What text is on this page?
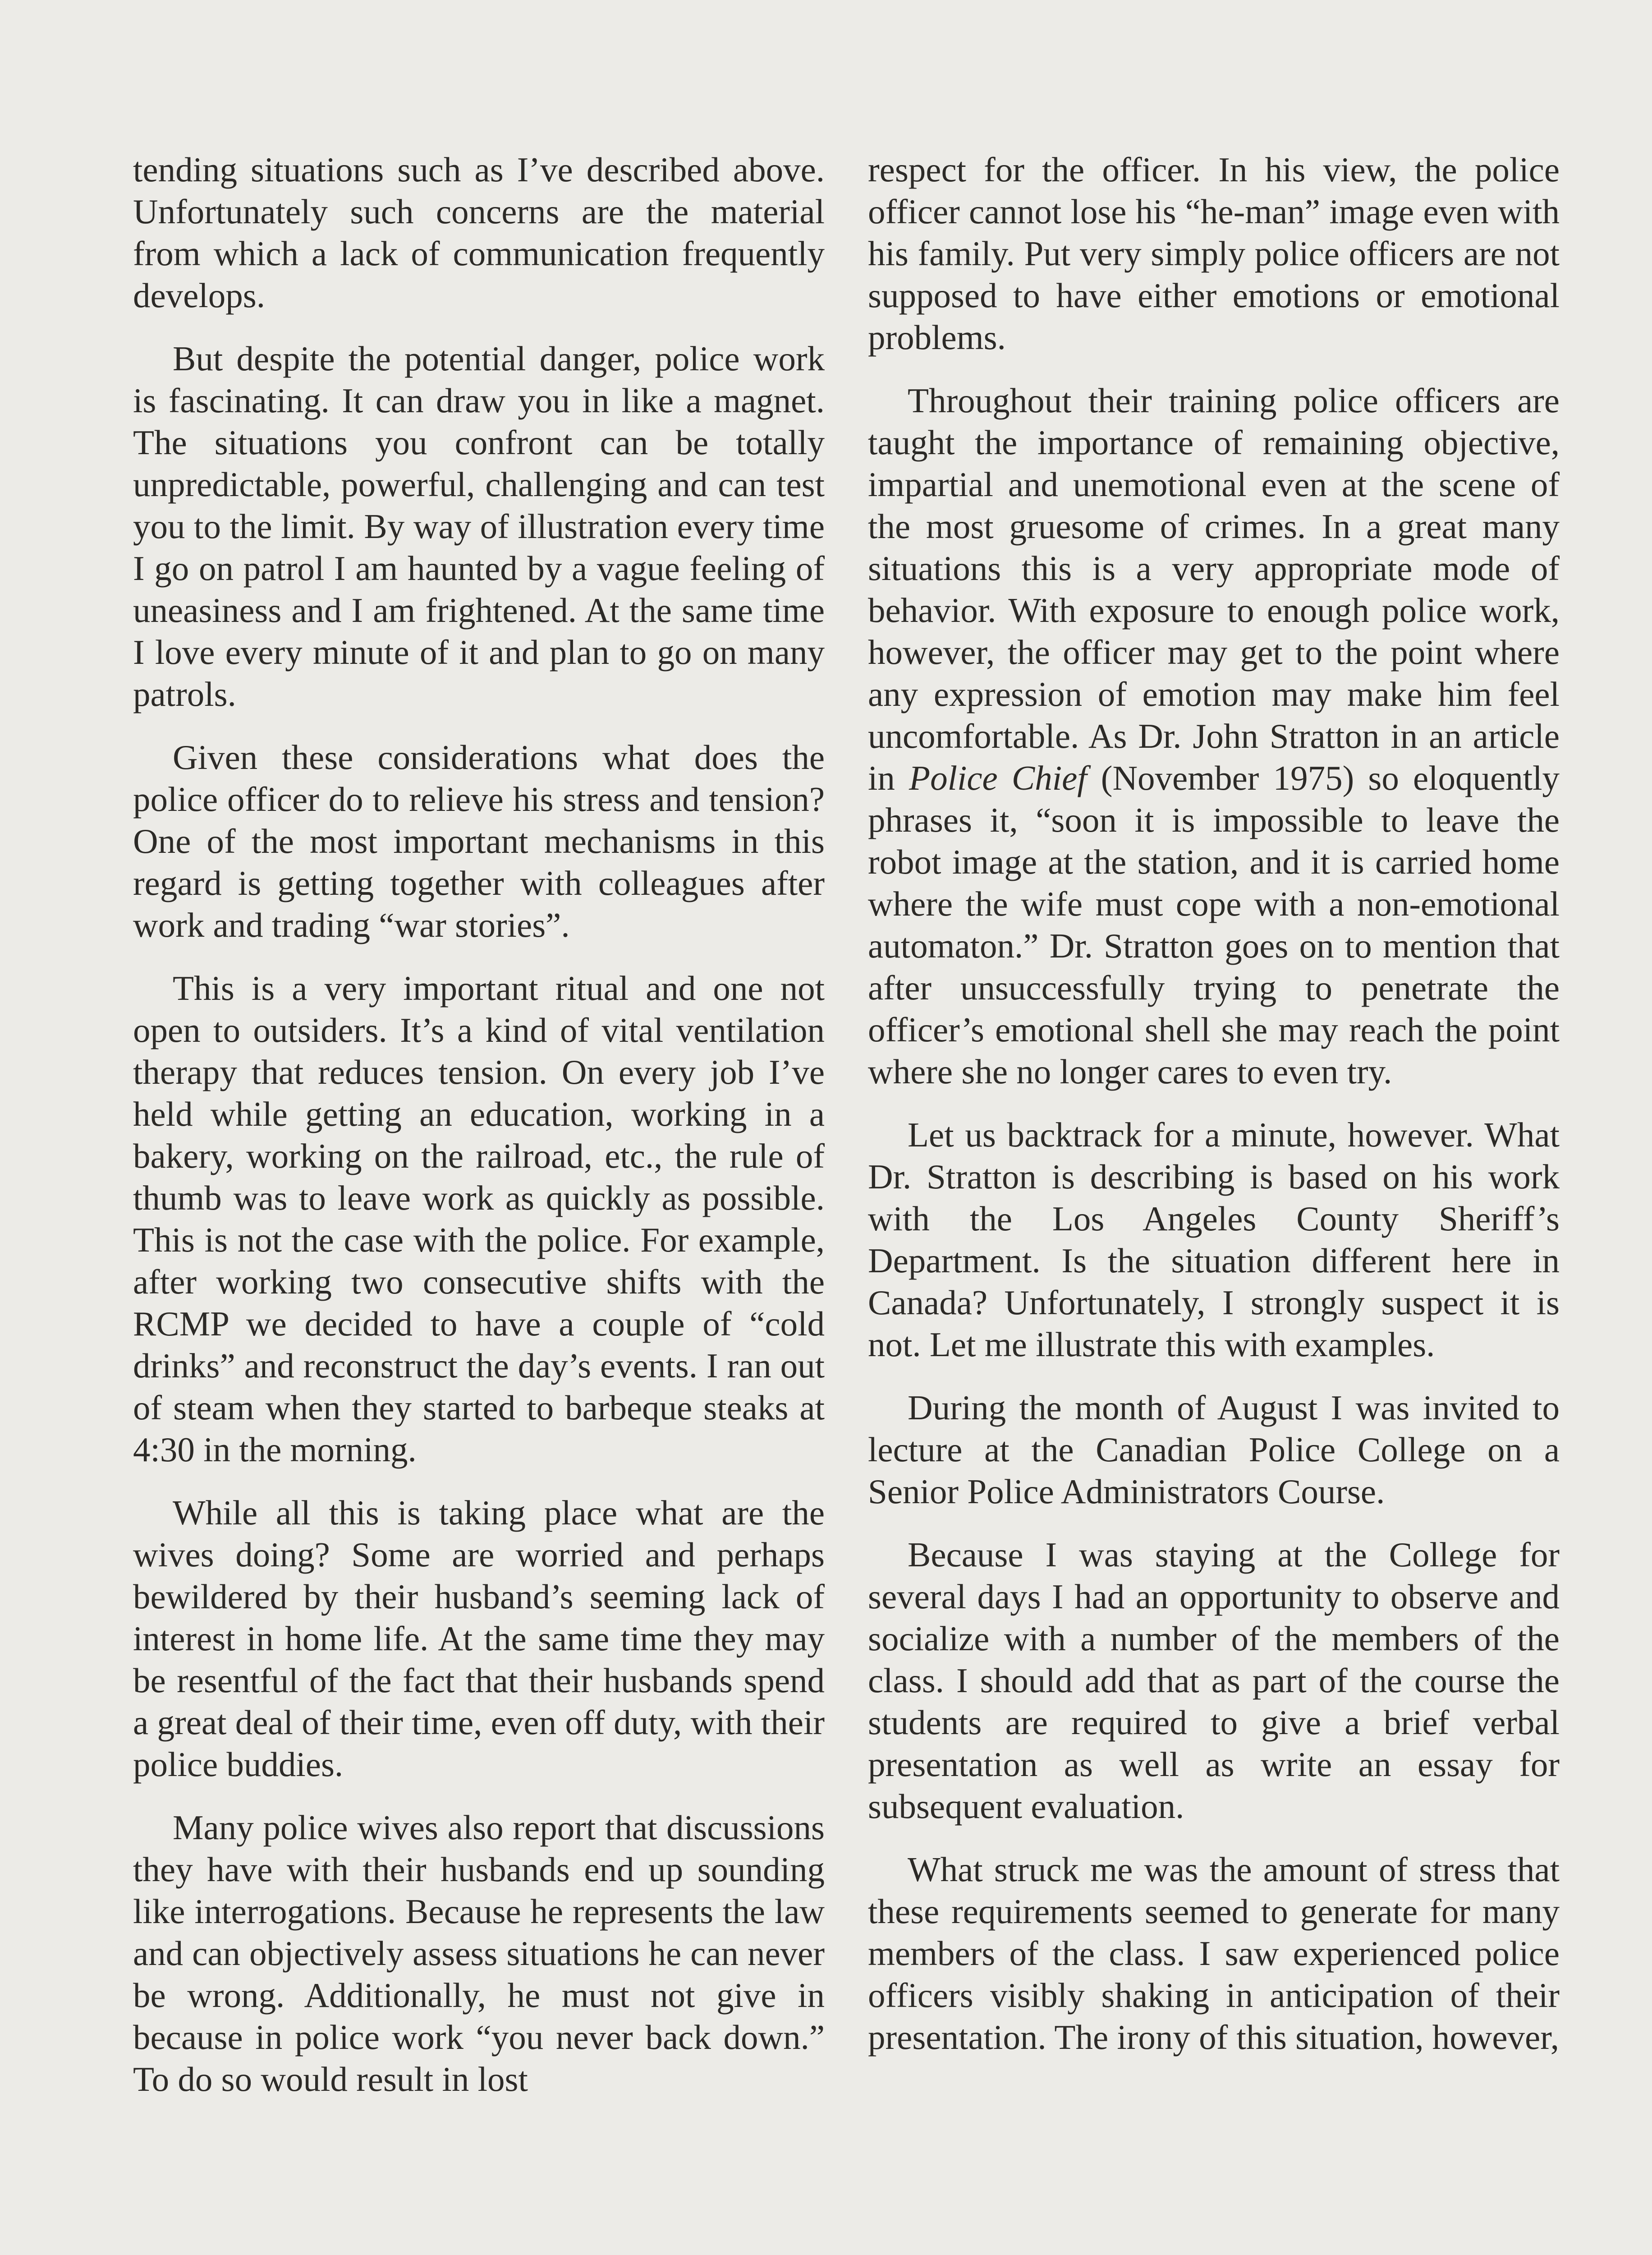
tending situations such as I’ve described above. Unfortunately such concerns are the material from which a lack of communication frequently develops.

But despite the potential danger, police work is fascinating. It can draw you in like a magnet. The situations you confront can be totally unpredictable, powerful, challenging and can test you to the limit. By way of illustration every time I go on patrol I am haunted by a vague feeling of uneasiness and I am frightened. At the same time I love every minute of it and plan to go on many patrols.

Given these considerations what does the police officer do to relieve his stress and tension? One of the most important mechanisms in this regard is getting together with colleagues after work and trading “war stories”.

This is a very important ritual and one not open to outsiders. It’s a kind of vital ventilation therapy that reduces tension. On every job I’ve held while getting an education, working in a bakery, working on the railroad, etc., the rule of thumb was to leave work as quickly as possible. This is not the case with the police. For example, after working two consecutive shifts with the RCMP we decided to have a couple of “cold drinks” and reconstruct the day’s events. I ran out of steam when they started to barbeque steaks at 4:30 in the morning.

While all this is taking place what are the wives doing? Some are worried and perhaps bewildered by their husband’s seeming lack of interest in home life. At the same time they may be resentful of the fact that their husbands spend a great deal of their time, even off duty, with their police buddies.

Many police wives also report that discussions they have with their husbands end up sounding like interrogations. Because he represents the law and can objectively assess situations he can never be wrong. Additionally, he must not give in because in police work “you never back down.” To do so would result in lost

respect for the officer. In his view, the police officer cannot lose his “he-man” image even with his family. Put very simply police officers are not supposed to have either emotions or emotional problems.

Throughout their training police officers are taught the importance of remaining objective, impartial and unemotional even at the scene of the most gruesome of crimes. In a great many situations this is a very appropriate mode of behavior. With exposure to enough police work, however, the officer may get to the point where any expression of emotion may make him feel uncomfortable. As Dr. John Stratton in an article in Police Chief (November 1975) so eloquently phrases it, “soon it is impossible to leave the robot image at the station, and it is carried home where the wife must cope with a non-emotional automaton.” Dr. Stratton goes on to mention that after unsuccessfully trying to penetrate the officer’s emotional shell she may reach the point where she no longer cares to even try.

Let us backtrack for a minute, however. What Dr. Stratton is describing is based on his work with the Los Angeles County Sheriff’s Department. Is the situation different here in Canada? Unfortunately, I strongly suspect it is not. Let me illustrate this with examples.

During the month of August I was invited to lecture at the Canadian Police College on a Senior Police Administrators Course.

Because I was staying at the College for several days I had an opportunity to observe and socialize with a number of the members of the class. I should add that as part of the course the students are required to give a brief verbal presentation as well as write an essay for subsequent evaluation.

What struck me was the amount of stress that these requirements seemed to generate for many members of the class. I saw experienced police officers visibly shaking in anticipation of their presentation. The irony of this situation, however,
